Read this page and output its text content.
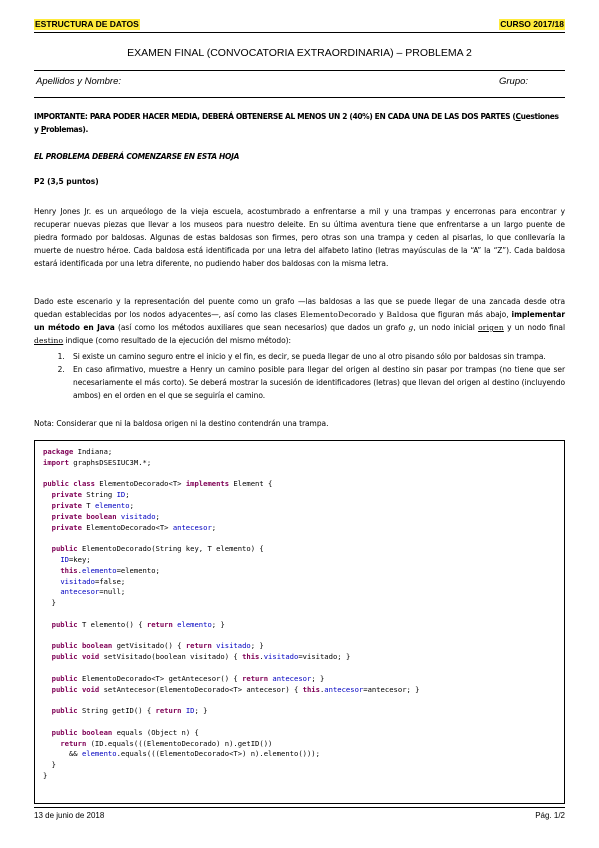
ESTRUCTURA DE DATOS	CURSO 2017/18
EXAMEN FINAL (CONVOCATORIA EXTRAORDINARIA) – PROBLEMA 2
Apellidos y Nombre:	Grupo:
IMPORTANTE: PARA PODER HACER MEDIA, DEBERÁ OBTENERSE AL MENOS UN 2 (40%) EN CADA UNA DE LAS DOS PARTES (Cuestiones y Problemas).
EL PROBLEMA DEBERÁ COMENZARSE EN ESTA HOJA
P2 (3,5 puntos)
Henry Jones Jr. es un arqueólogo de la vieja escuela, acostumbrado a enfrentarse a mil y una trampas y encerronas para encontrar y recuperar nuevas piezas que llevar a los museos para nuestro deleite. En su última aventura tiene que enfrentarse a un largo puente de piedra formado por baldosas. Algunas de estas baldosas son firmes, pero otras son una trampa y ceden al pisarlas, lo que conllevaría la muerte de nuestro héroe. Cada baldosa está identificada por una letra del alfabeto latino (letras mayúsculas de la “A” la “Z”). Cada baldosa estará identificada por una letra diferente, no pudiendo haber dos baldosas con la misma letra.
Dado este escenario y la representación del puente como un grafo —las baldosas a las que se puede llegar de una zancada desde otra quedan establecidas por los nodos adyacentes—, así como las clases ElementoDecorado y Baldosa que figuran más abajo, implementar un método en Java (así como los métodos auxiliares que sean necesarios) que dados un grafo g, un nodo inicial origen y un nodo final destino indique (como resultado de la ejecución del mismo método):
1. Si existe un camino seguro entre el inicio y el fin, es decir, se pueda llegar de uno al otro pisando sólo por baldosas sin trampa.
2. En caso afirmativo, muestre a Henry un camino posible para llegar del origen al destino sin pasar por trampas (no tiene que ser necesariamente el más corto). Se deberá mostrar la sucesión de identificadores (letras) que llevan del origen al destino (incluyendo ambos) en el orden en el que se seguiría el camino.
Nota: Considerar que ni la baldosa origen ni la destino contendrán una trampa.
package Indiana;
import graphsDSESIUC3M.*;

public class ElementoDecorado<T> implements Element {
private String ID;
private T elemento;
private boolean visitado;
private ElementoDecorado<T> antecesor;

public ElementoDecorado(String key, T elemento) {
ID=key;
this.elemento=elemento;
visitado=false;
antecesor=null;
}

public T elemento() { return elemento; }

public boolean getVisitado() { return visitado; }
public void setVisitado(boolean visitado) { this.visitado=visitado; }

public ElementoDecorado<T> getAntecesor() { return antecesor; }
public void setAntecesor(ElementoDecorado<T> antecesor) { this.antecesor=antecesor; }

public String getID() { return ID; }

public boolean equals (Object n) {
return (ID.equals(((ElementoDecorado) n).getID())
&& elemento.equals(((ElementoDecorado<T>) n).elemento()));
}
}
13 de junio de 2018	Pág. 1/2
